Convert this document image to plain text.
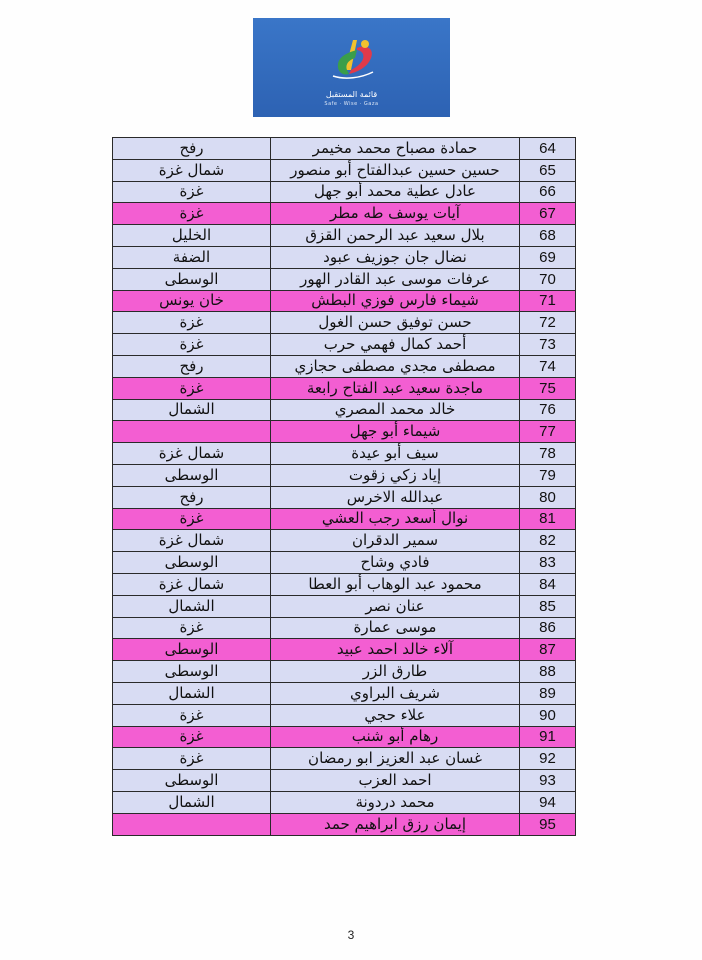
قائمة المستقبل
Safe · Wise · Gaza
رفح	حمادة مصباح محمد مخيمر	64
شمال غزة	حسين حسين عبدالفتاح أبو منصور	65
غزة	عادل عطية محمد أبو جهل	66
غزة	آيات يوسف طه مطر	67
الخليل	بلال سعيد عبد الرحمن القزق	68
الضفة	نضال جان جوزيف عبود	69
الوسطى	عرفات موسى عبد القادر الهور	70
خان يونس	شيماء فارس فوزي البطش	71
غزة	حسن توفيق حسن الغول	72
غزة	أحمد كمال فهمي حرب	73
رفح	مصطفى مجدي مصطفى حجازي	74
غزة	ماجدة سعيد عبد الفتاح رابعة	75
الشمال	خالد محمد المصري	76
	شيماء أبو جهل	77
شمال غزة	سيف أبو عيدة	78
الوسطى	إياد زكي زقوت	79
رفح	عبدالله الاخرس	80
غزة	نوال أسعد رجب العشي	81
شمال غزة	سمير الدقران	82
الوسطى	فادي وشاح	83
شمال غزة	محمود عبد الوهاب أبو العطا	84
الشمال	عنان نصر	85
غزة	موسى عمارة	86
الوسطى	آلاء خالد احمد عبيد	87
الوسطى	طارق الزر	88
الشمال	شريف البراوي	89
غزة	علاء حجي	90
غزة	رهام أبو شنب	91
غزة	غسان عبد العزيز ابو رمضان	92
الوسطى	احمد العزب	93
الشمال	محمد دردونة	94
	إيمان رزق ابراهيم حمد	95
3
